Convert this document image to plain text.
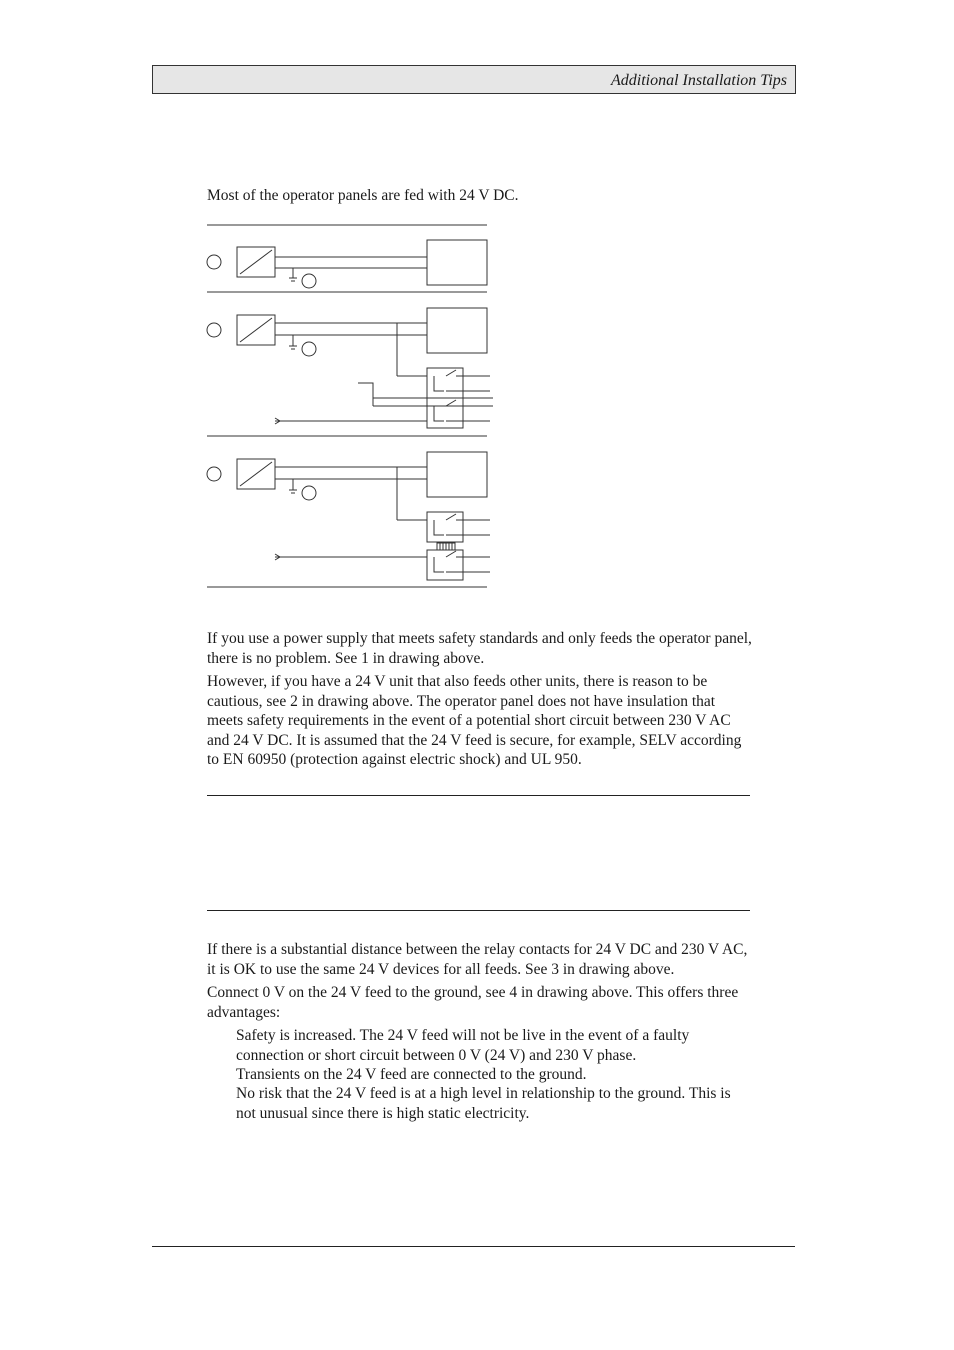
Additional Installation Tips

Most of the operator panels are fed with 24 V DC.

If you use a power supply that meets safety standards and only feeds the operator panel, there is no problem. See 1 in drawing above.

However, if you have a 24 V unit that also feeds other units, there is reason to be cautious, see 2 in drawing above. The operator panel does not have insulation that meets safety requirements in the event of a potential short circuit between 230 V AC and 24 V DC. It is assumed that the 24 V feed is secure, for example, SELV according to EN 60950 (protection against electric shock) and UL 950.

If there is a substantial distance between the relay contacts for 24 V DC and 230 V AC, it is OK to use the same 24 V devices for all feeds. See 3 in drawing above.

Connect 0 V on the 24 V feed to the ground, see 4 in drawing above. This offers three advantages:

Safety is increased. The 24 V feed will not be live in the event of a faulty connection or short circuit between 0 V (24 V) and 230 V phase.

Transients on the 24 V feed are connected to the ground.

No risk that the 24 V feed is at a high level in relationship to the ground. This is not unusual since there is high static electricity.
